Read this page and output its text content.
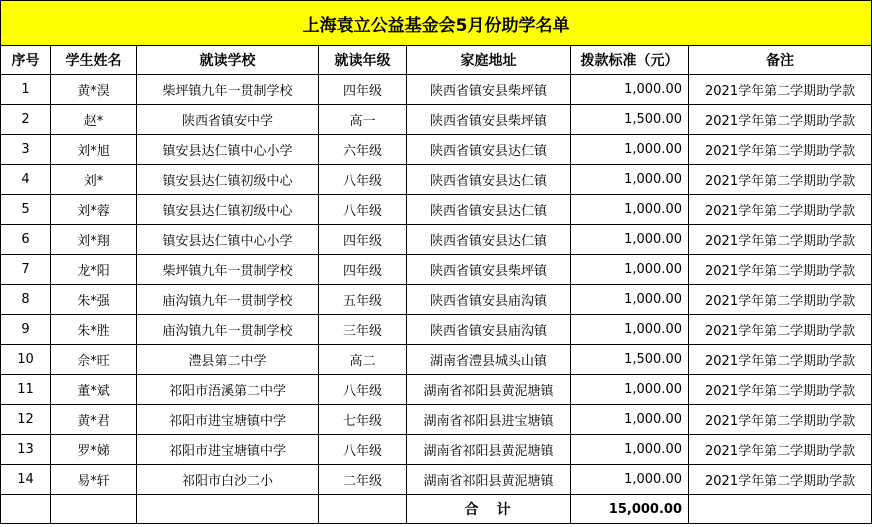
上海袁立公益基金会5月份助学名单						
序号	学生姓名	就读学校	就读年级	家庭地址	拨款标准（元）	备注
1	黄*淏	柴坪镇九年一贯制学校	四年级	陕西省镇安县柴坪镇	1,000.00	2021学年第二学期助学款
2	赵*	陕西省镇安中学	高一	陕西省镇安县柴坪镇	1,500.00	2021学年第二学期助学款
3	刘*旭	镇安县达仁镇中心小学	六年级	陕西省镇安县达仁镇	1,000.00	2021学年第二学期助学款
4	刘*	镇安县达仁镇初级中心	八年级	陕西省镇安县达仁镇	1,000.00	2021学年第二学期助学款
5	刘*蓉	镇安县达仁镇初级中心	八年级	陕西省镇安县达仁镇	1,000.00	2021学年第二学期助学款
6	刘*翔	镇安县达仁镇中心小学	四年级	陕西省镇安县达仁镇	1,000.00	2021学年第二学期助学款
7	龙*阳	柴坪镇九年一贯制学校	四年级	陕西省镇安县柴坪镇	1,000.00	2021学年第二学期助学款
8	朱*强	庙沟镇九年一贯制学校	五年级	陕西省镇安县庙沟镇	1,000.00	2021学年第二学期助学款
9	朱*胜	庙沟镇九年一贯制学校	三年级	陕西省镇安县庙沟镇	1,000.00	2021学年第二学期助学款
10	佘*旺	澧县第二中学	高二	湖南省澧县城头山镇	1,500.00	2021学年第二学期助学款
11	董*斌	祁阳市浯溪第二中学	八年级	湖南省祁阳县黄泥塘镇	1,000.00	2021学年第二学期助学款
12	黄*君	祁阳市进宝塘镇中学	七年级	湖南省祁阳县进宝塘镇	1,000.00	2021学年第二学期助学款
13	罗*娣	祁阳市进宝塘镇中学	八年级	湖南省祁阳县黄泥塘镇	1,000.00	2021学年第二学期助学款
14	易*轩	祁阳市白沙二小	二年级	湖南省祁阳县黄泥塘镇	1,000.00	2021学年第二学期助学款
				合　计	15,000.00	
